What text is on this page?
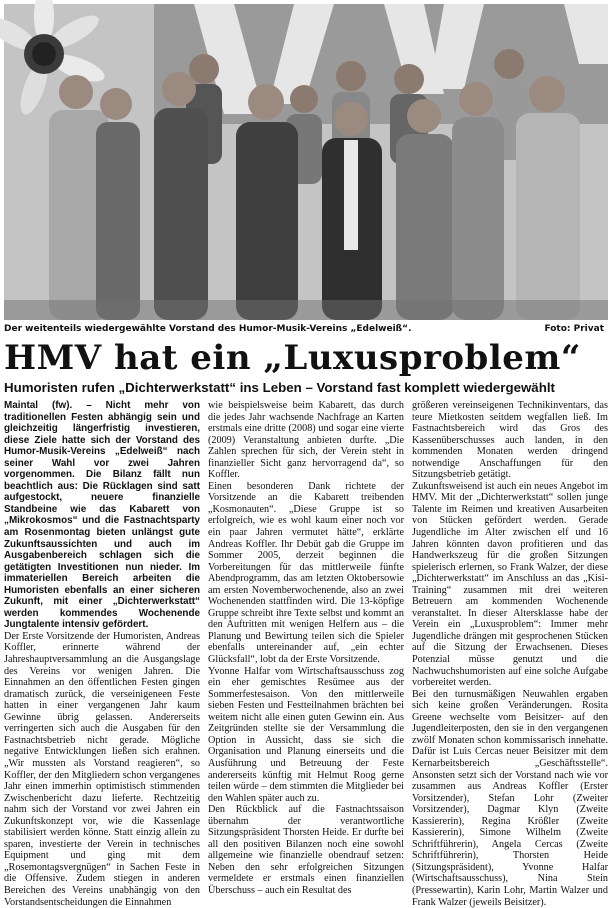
Der weitenteils wiedergewählte Vorstand des Humor-Musik-Vereins „Edelweiß“.	Foto: Privat
HMV hat ein „Luxusproblem“
Humoristen rufen „Dichterwerkstatt“ ins Leben – Vorstand fast komplett wiedergewählt

Maintal (fw). – Nicht mehr von traditionellen Festen abhängig sein und gleichzeitig längerfristig investieren, diese Ziele hatte sich der Vorstand des Humor-Musik-Vereins „Edelweiß“ nach seiner Wahl vor zwei Jahren vorgenommen. Die Bilanz fällt nun beachtlich aus: Die Rücklagen sind satt aufgestockt, neuere finanzielle Standbeine wie das Kabarett von „Mikrokosmos“ und die Fastnachtsparty am Rosenmontag bieten unlängst gute Zukunftsaussichten und auch im Ausgabenbereich schlagen sich die getätigten Investitionen nun nieder. Im immateriellen Bereich arbeiten die Humoristen ebenfalls an einer sicheren Zukunft, mit einer „Dichterwerkstatt“ werden kommendes Wochenende Jungtalente intensiv gefördert.

Der Erste Vorsitzende der Humoristen, Andreas Koffler, erinnerte während der Jahreshauptversammlung an die Ausgangslage des Vereins vor wenigen Jahren. Die Einnahmen an den öffentlichen Festen gingen dramatisch zurück, die verseinigeneen Feste hatten in einer vergangenen Jahr kaum Gewinne übrig gelassen. Andererseits verringerten sich auch die Ausgaben für den Fastnachtsbetrieb nicht gerade. Mögliche negative Entwicklungen ließen sich erahnen. „Wir mussten als Vorstand reagieren“, so Koffler, der den Mitgliedern schon vergangenes Jahr einen immerhin optimistisch stimmenden Zwischenbericht dazu lieferte. Rechtzeitig nahm sich der Vorstand vor zwei Jahren ein Zukunftskonzept vor, wie die Kassenlage stabilisiert werden könne. Statt einzig allein zu sparen, investierte der Verein in technisches Equipment und ging mit dem „Rosemontagsvergnügen“ in Sachen Feste in die Offensive. Zudem stiegen in anderen Bereichen des Vereins unabhängig von den Vorstandsentscheidungen die Einnahmen

wie beispielsweise beim Kabarett, das durch die jedes Jahr wachsende Nachfrage an Karten erstmals eine dritte (2008) und sogar eine vierte (2009) Veranstaltung anbieten durfte. „Die Zahlen sprechen für sich, der Verein steht in finanzieller Sicht ganz hervorragend da“, so Koffler.

Einen besonderen Dank richtete der Vorsitzende an die Kabarett treibenden „Kosmonauten“. „Diese Gruppe ist so erfolgreich, wie es wohl kaum einer noch vor ein paar Jahren vermutet hätte“, erklärte Andreas Koffler. Ihr Debüt gab die Gruppe im Sommer 2005, derzeit beginnen die Vorbereitungen für das mittlerweile fünfte Abendprogramm, das am letzten Oktobersowie am ersten Novemberwochenende, also an zwei Wochenenden stattfinden wird. Die 13-köpfige Gruppe schreibt ihre Texte selbst und kommt an den Auftritten mit wenigen Helfern aus – die Planung und Bewirtung teilen sich die Spieler ebenfalls untereinander auf, „ein echter Glücksfall“, lobt da der Erste Vorsitzende.

Yvonne Halfar vom Wirtschaftsausschuss zog ein eher gemischtes Resümee aus der Sommerfestesaison. Von den mittlerweile sieben Festen und Festteilnahmen brächten bei weitem nicht alle einen guten Gewinn ein. Aus Zeitgründen stellte sie der Versammlung die Option in Aussicht, dass sie sich die Organisation und Planung einerseits und die Ausführung und Betreuung der Feste andererseits künftig mit Helmut Roog gerne teilen würde – dem stimmten die Mitglieder bei den Wahlen später auch zu.

Den Rückblick auf die Fastnachtssaison übernahm der verantwortliche Sitzungspräsident Thorsten Heide. Er durfte bei all den positiven Bilanzen noch eine sowohl allgemeine wie finanzielle obendrauf setzen: Neben den sehr erfolgreichen Sitzungen vermeldete er erstmals einen finanziellen Überschuss – auch ein Resultat des

größeren vereinseigenen Technikinventars, das teure Mietkosten seitdem wegfallen ließ. Im Fastnachtsbereich wird das Gros des Kassenüberschusses auch landen, in den kommenden Monaten werden dringend notwendige Anschaffungen für den Sitzungsbetrieb getätigt.

Zukunftsweisend ist auch ein neues Angebot im HMV. Mit der „Dichterwerkstatt“ sollen junge Talente im Reimen und kreativen Ausarbeiten von Stücken gefördert werden. Gerade Jugendliche im Alter zwischen elf und 16 Jahren könnten davon profitieren und das Handwerkszeug für die großen Sitzungen spielerisch erlernen, so Frank Walzer, der diese „Dichterwerkstatt“ im Anschluss an das „Kisi-Training“ zusammen mit drei weiteren Betreuern am kommenden Wochenende veranstaltet. In dieser Altersklasse habe der Verein ein „Luxusproblem“: Immer mehr Jugendliche drängen mit gesprochenen Stücken auf die Sitzung der Erwachsenen. Dieses Potenzial müsse genutzt und die Nachwuchshumoristen auf eine solche Aufgabe vorbereitet werden.

Bei den turnusmäßigen Neuwahlen ergaben sich keine großen Veränderungen. Rosita Greene wechselte vom Beisitzer- auf den Jugendleiterposten, den sie in den vergangenen zwölf Monaten schon kommissarisch innehatte. Dafür ist Luis Cercas neuer Beisitzer mit dem Kernarbeitsbereich „Geschäftsstelle“. Ansonsten setzt sich der Vorstand nach wie vor zusammen aus Andreas Koffler (Erster Vorsitzender), Stefan Lohr (Zweiter Vorsitzender), Dagmar Klyn (Zweite Kassiererin), Regina Krößler (Zweite Kassiererin), Simone Wilhelm (Zweite Schriftführerin), Angela Cercas (Zweite Schriftführerin), Thorsten Heide (Sitzungspräsident), Yvonne Halfar (Wirtschaftsausschuss), Nina Stein (Pressewartin), Karin Lohr, Martin Walzer und Frank Walzer (jeweils Beisitzer).
